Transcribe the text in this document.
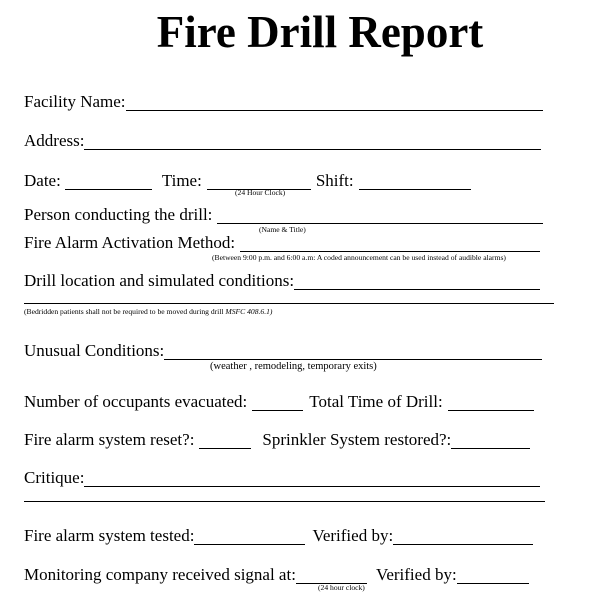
Fire Drill Report
Facility Name:
Address:
Date:	Time:	Shift:
(24 Hour Clock)
Person conducting the drill:
(Name & Title)
Fire Alarm Activation Method:
(Between 9:00 p.m. and 6:00 a.m: A coded announcement can be used instead of audible alarms)
Drill location and simulated conditions:
(Bedridden patients shall not be required to be moved during drill MSFC 408.6.1)
Unusual Conditions:
(weather , remodeling, temporary exits)
Number of occupants evacuated:	Total Time of Drill:
Fire alarm system reset?:	Sprinkler System restored?:
Critique:
Fire alarm system tested:	Verified by:
Monitoring company received signal at:	Verified by:
(24 hour clock)
